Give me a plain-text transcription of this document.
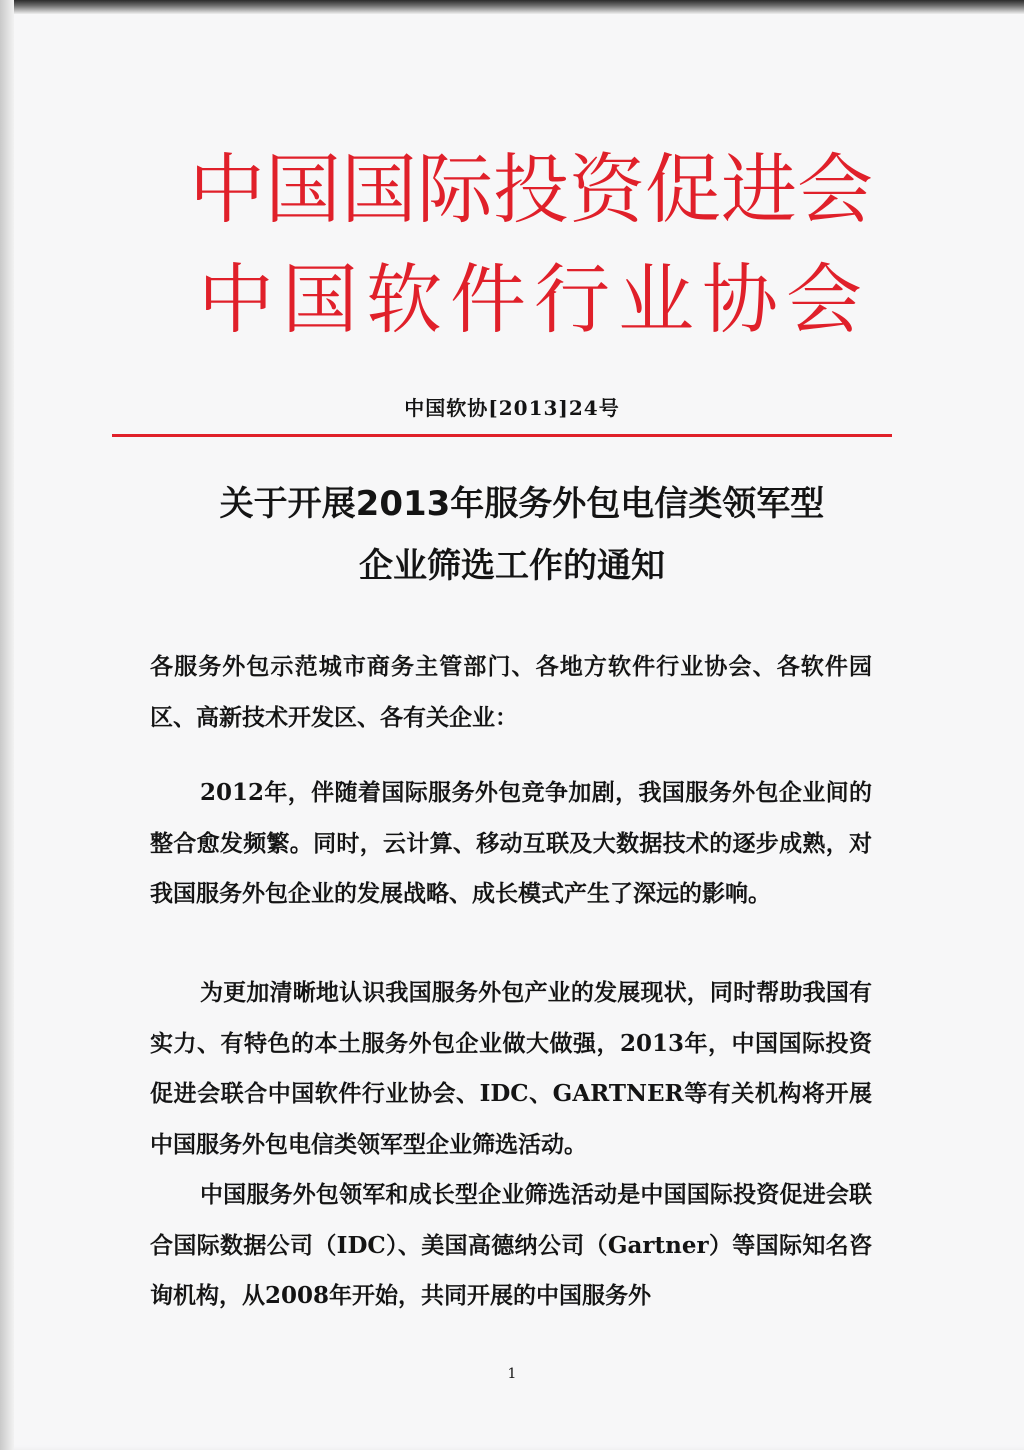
中国国际投资促进会
中国软件行业协会
中国软协[2013]24号
关于开展2013年服务外包电信类领军型
企业筛选工作的通知
各服务外包示范城市商务主管部门、各地方软件行业协会、各软件园区、高新技术开发区、各有关企业：
2012年，伴随着国际服务外包竞争加剧，我国服务外包企业间的整合愈发频繁。同时，云计算、移动互联及大数据技术的逐步成熟，对我国服务外包企业的发展战略、成长模式产生了深远的影响。
为更加清晰地认识我国服务外包产业的发展现状，同时帮助我国有实力、有特色的本土服务外包企业做大做强，2013年，中国国际投资促进会联合中国软件行业协会、IDC、GARTNER等有关机构将开展中国服务外包电信类领军型企业筛选活动。
中国服务外包领军和成长型企业筛选活动是中国国际投资促进会联合国际数据公司（IDC）、美国高德纳公司（Gartner）等国际知名咨询机构，从2008年开始，共同开展的中国服务外
1
